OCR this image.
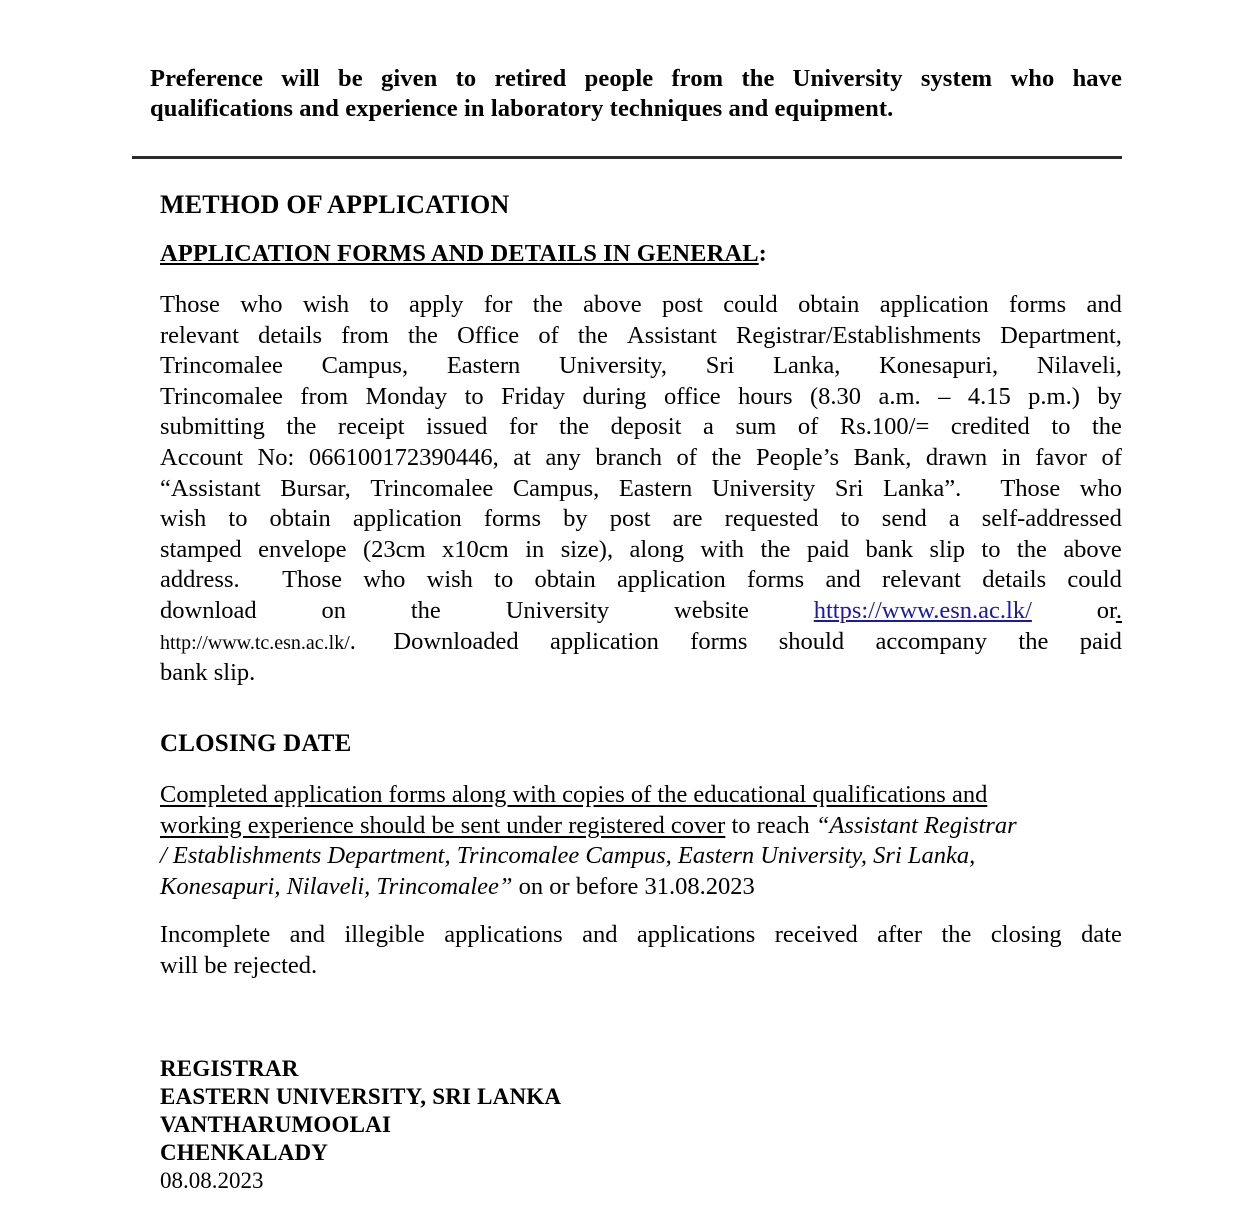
Preference will be given to retired people from the University system who have
qualifications and experience in laboratory techniques and equipment.
METHOD OF APPLICATION
APPLICATION FORMS AND DETAILS IN GENERAL:
Those who wish to apply for the above post could obtain application forms and
relevant details from the Office of the Assistant Registrar/Establishments Department,
Trincomalee Campus, Eastern University, Sri Lanka, Konesapuri, Nilaveli,
Trincomalee from Monday to Friday during office hours (8.30 a.m. – 4.15 p.m.) by
submitting the receipt issued for the deposit a sum of Rs.100/= credited to the
Account No: 066100172390446, at any branch of the People’s Bank, drawn in favor of
“Assistant Bursar, Trincomalee Campus, Eastern University Sri Lanka”. Those who
wish to obtain application forms by post are requested to send a self-addressed
stamped envelope (23cm x10cm in size), along with the paid bank slip to the above
address. Those who wish to obtain application forms and relevant details could
download	on	the	University	website	https://www.esn.ac.lk/	or.
http://www.tc.esn.ac.lk/. Downloaded application forms should accompany the paid
bank slip.
CLOSING DATE
Completed application forms along with copies of the educational qualifications and
working experience should be sent under registered cover to reach “Assistant Registrar
/ Establishments Department, Trincomalee Campus, Eastern University, Sri Lanka,
Konesapuri, Nilaveli, Trincomalee” on or before 31.08.2023
Incomplete and illegible applications and applications received after the closing date
will be rejected.
REGISTRAR
EASTERN UNIVERSITY, SRI LANKA
VANTHARUMOOLAI
CHENKALADY
08.08.2023
